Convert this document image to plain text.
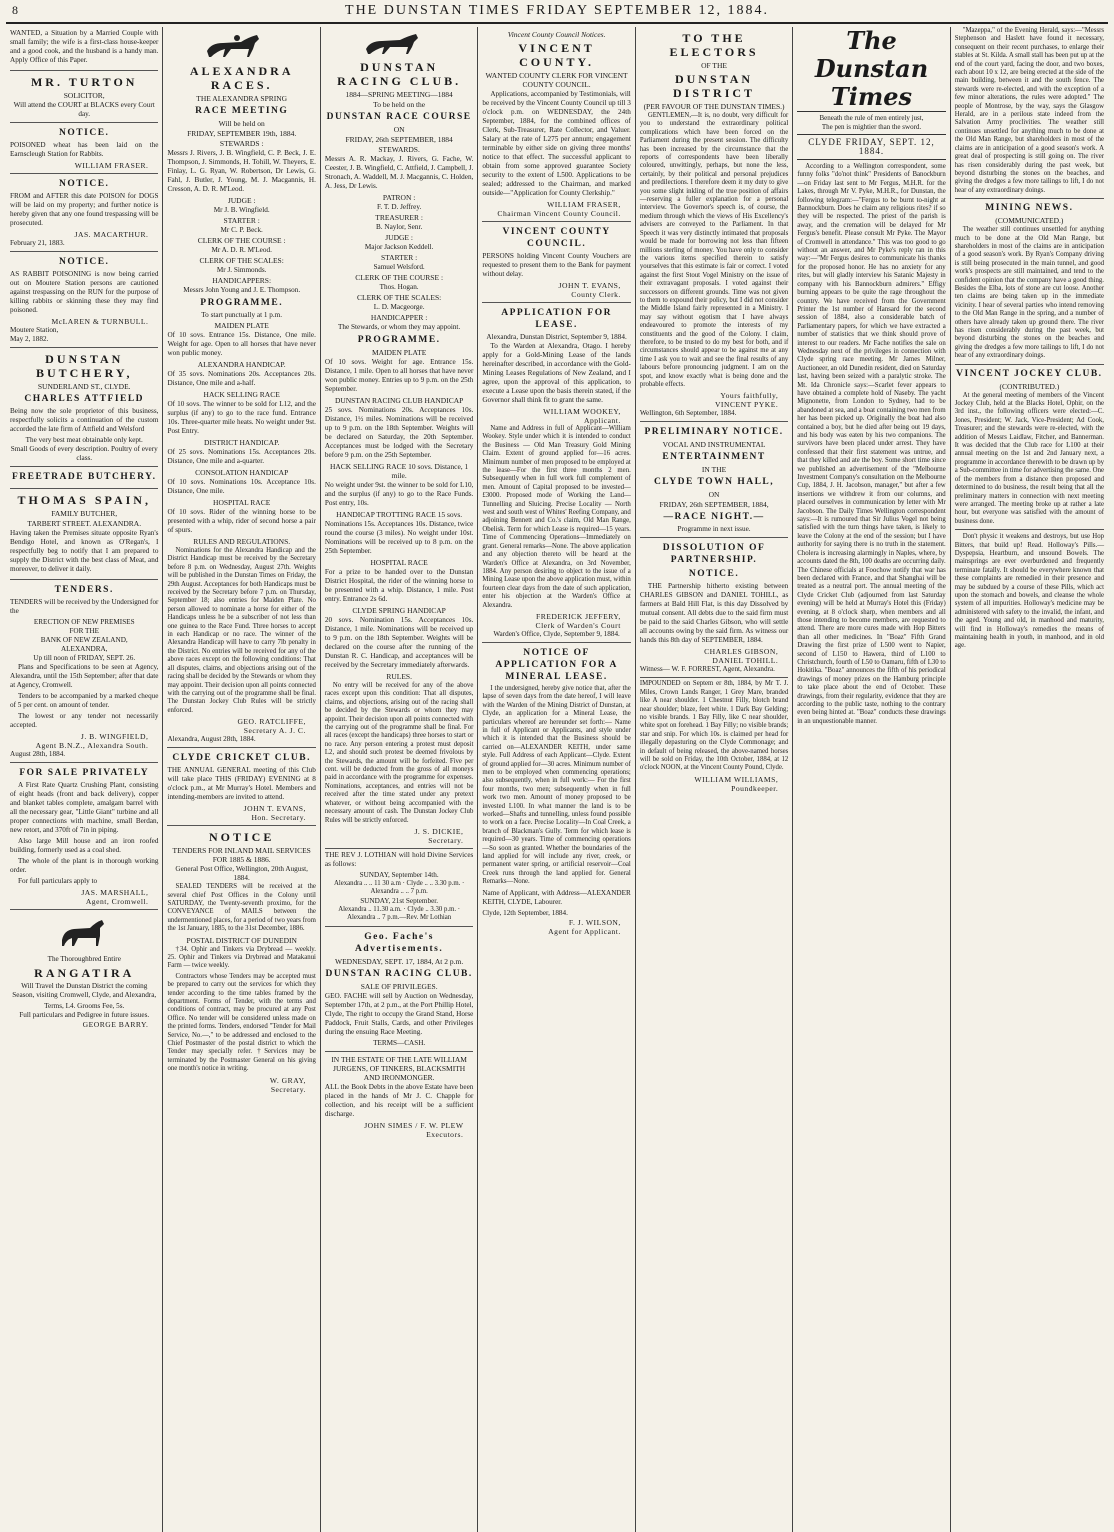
8	THE DUNSTAN TIMES FRIDAY SEPTEMBER 12, 1884.

WANTED, a Situation by a Married Couple with small family; the wife is a first-class house-keeper and a good cook, and the husband is a handy man. Apply Office of this Paper.

MR. TURTON
SOLICITOR,
Will attend the COURT at BLACKS every Court day.
NOTICE.

POISONED wheat has been laid on the Earnscleugh Station for Rabbits.

WILLIAM FRASER.
NOTICE.

FROM and AFTER this date POISON for DOGS will be laid on my property; and further notice is hereby given that any one found trespassing will be prosecuted.

JAS. MACARTHUR.
February 21, 1883.
NOTICE.

AS RABBIT POISONING is now being carried out on Moutere Station persons are cautioned against trespassing on the RUN for the purpose of killing rabbits or skinning these they may find poisoned.

McLAREN & TURNBULL.
Moutere Station,
May 2, 1882.
DUNSTAN BUTCHERY,
SUNDERLAND ST., CLYDE.
CHARLES ATTFIELD

Being now the sole proprietor of this business, respectfully solicits a continuation of the custom accorded the late firm of Attfield and Welsford

The very best meat obtainable only kept.
Small Goods of every description. Poultry of every class.
FREETRADE BUTCHERY.
THOMAS SPAIN,
FAMILY BUTCHER,
TARBERT STREET. ALEXANDRA.

Having taken the Premises situate opposite Ryan's Bendigo Hotel, and known as O'Regan's, I respectfully beg to notify that I am prepared to supply the District with the best class of Meat, and moreover, to deliver it daily.

TENDERS.

TENDERS will be received by the Undersigned for the

ERECTION OF NEW PREMISES
FOR THE
BANK OF NEW ZEALAND,
ALEXANDRA,
Up till noon of FRIDAY, SEPT. 26.

Plans and Specifications to be seen at Agency, Alexandra, until the 15th September; after that date at Agency, Cromwell.

Tenders to be accompanied by a marked cheque of 5 per cent. on amount of tender.

The lowest or any tender not necessarily accepted.

J. B. WINGFIELD,
Agent B.N.Z., Alexandra South.
August 28th, 1884.
FOR SALE PRIVATELY

A First Rate Quartz Crushing Plant, consisting of eight heads (front and back delivery), copper and blanket tables complete, amalgam barrel with all the necessary gear, "Little Giant" turbine and all proper connections with machine, small Berdan, new retort, and 370ft of 7in in piping.

Also large Mill house and an iron roofed building, formerly used as a coal shed.

The whole of the plant is in thorough working order.

For full particulars apply to

JAS. MARSHALL,
Agent, Cromwell.
The Thoroughbred Entire
RANGATIRA

Will Travel the Dunstan District the coming Season, visiting Cromwell, Clyde, and Alexandra,

Terms, L4. Grooms Fee, 5s.
Full particulars and Pedigree in future issues.
GEORGE BARRY.
ALEXANDRA RACES.
THE ALEXANDRA SPRING
RACE MEETING
Will be held on
FRIDAY, SEPTEMBER 19th, 1884.
STEWARDS :

Messrs J. Rivers, J. B. Wingfield, C. P. Beck, J. E. Thompson, J. Simmonds, H. Tohill, W. Theyers, E. Finlay, L. G. Ryan, W. Robertson, Dr Lewis, G. Fahl, J. Butler, J. Young, M. J. Macgannis, H. Cresson, A. D. R. M'Leod.

JUDGE :
Mr J. B. Wingfield.
STARTER :
Mr C. P. Beck.
CLERK OF THE COURSE :
Mr A. D. R. M'Leod.
CLERK OF THE SCALES:
Mr J. Simmonds.
HANDICAPPERS:
Messrs John Young and J. E. Thompson.
PROGRAMME.
To start punctually at 1 p.m.
MAIDEN PLATE

Of 10 sovs. Entrance 15s. Distance, One mile. Weight for age. Open to all horses that have never won public money.

ALEXANDRA HANDICAP.

Of 35 sovs. Nominations 20s. Acceptances 20s. Distance, One mile and a-half.

HACK SELLING RACE

Of 10 sovs. The winner to be sold for L12, and the surplus (if any) to go to the race fund. Entrance 10s. Three-quarter mile heats. No weight under 9st. Post Entry.

DISTRICT HANDICAP.

Of 25 sovs. Nominations 15s. Acceptances 20s. Distance, One mile and a-quarter.

CONSOLATION HANDICAP

Of 10 sovs. Nominations 10s. Acceptance 10s. Distance, One mile.

HOSPITAL RACE

Of 10 sovs. Rider of the winning horse to be presented with a whip, rider of second horse a pair of spurs.

RULES AND REGULATIONS.

Nominations for the Alexandra Handicap and the District Handicap must be received by the Secretary before 8 p.m. on Wednesday, August 27th. Weights will be published in the Dunstan Times on Friday, the 29th August. Acceptances for both Handicaps must be received by the Secretary before 7 p.m. on Thursday, September 18; also entries for Maiden Plate. No person allowed to nominate a horse for either of the Handicaps unless he be a subscriber of not less than one guinea to the Race Fund. Three horses to accept in each Handicap or no race. The winner of the Alexandra Handicap will have to carry 7lb penalty in the District. No entries will be received for any of the above races except on the following conditions: That all disputes, claims, and objections arising out of the racing shall be decided by the Stewards or whom they may appoint. Their decision upon all points connected with the carrying out of the programme shall be final. The Dunstan Jockey Club Rules will be strictly enforced.

GEO. RATCLIFFE,
Secretary A. J. C.
Alexandra, August 28th, 1884.
CLYDE CRICKET CLUB.

THE ANNUAL GENERAL meeting of this Club will take place THIS (FRIDAY) EVENING at 8 o'clock p.m., at Mr Murray's Hotel. Members and intending-members are invited to attend.

JOHN T. EVANS,
Hon. Secretary.
NOTICE
TENDERS FOR INLAND MAIL SERVICES FOR 1885 & 1886.
General Post Office, Wellington, 20th August, 1884.

SEALED TENDERS will be received at the several chief Post Offices in the Colony until SATURDAY, the Twenty-seventh proximo, for the CONVEYANCE of MAILS between the undermentioned places, for a period of two years from the 1st January, 1885, to the 31st December, 1886.

POSTAL DISTRICT OF DUNEDIN

†34. Ophir and Tinkers via Drybread — weekly. 25. Ophir and Tinkers via Drybread and Matakanui Farm — twice weekly.

Contractors whose Tenders may be accepted must be prepared to carry out the services for which they tender according to the time tables framed by the department. Forms of Tender, with the terms and conditions of contract, may be procured at any Post Office. No tender will be considered unless made on the printed forms. Tenders, endorsed "Tender for Mail Service, No.—," to be addressed and enclosed to the Chief Postmaster of the postal district to which the Tender may specially refer. †Services may be terminated by the Postmaster General on his giving one month's notice in writing.

W. GRAY,
Secretary.
DUNSTAN RACING CLUB.
1884—SPRING MEETING—1884
To be held on the
DUNSTAN RACE COURSE
ON
FRIDAY, 26th SEPTEMBER, 1884
STEWARDS.

Messrs A. R. Mackay, J. Rivers, G. Fache, W. Ceester, J. B. Wingfield, C. Attfield, J. Campbell, J. Stronach, A. Waddell, M. J. Macgannis, C. Holden, A. Jess, Dr Lewis.

PATRON :
F. T. D. Jeffrey.
TREASURER :
B. Naylor, Senr.
JUDGE :
Major Jackson Keddell.
STARTER :
Samuel Welsford.
CLERK OF THE COURSE :
Thos. Hogan.
CLERK OF THE SCALES:
L. D. Macgeorge.
HANDICAPPER :
The Stewards, or whom they may appoint.
PROGRAMME.
MAIDEN PLATE

Of 10 sovs. Weight for age. Entrance 15s. Distance, 1 mile. Open to all horses that have never won public money. Entries up to 9 p.m. on the 25th September.

DUNSTAN RACING CLUB HANDICAP

25 sovs. Nominations 20s. Acceptances 10s. Distance, 1½ miles. Nominations will be received up to 9 p.m. on the 18th September. Weights will be declared on Saturday, the 20th September. Acceptances must be lodged with the Secretary before 9 p.m. on the 25th September.

HACK SELLING RACE 10 sovs. Distance, 1 mile.

No weight under 9st. the winner to be sold for L10, and the surplus (if any) to go to the Race Funds. Post entry, 10s.

HANDICAP TROTTING RACE 15 sovs.

Nominations 15s. Acceptances 10s. Distance, twice round the course (3 miles). No weight under 10st. Nominations will be received up to 8 p.m. on the 25th September.

HOSPITAL RACE

For a prize to be handed over to the Dunstan District Hospital, the rider of the winning horse to be presented with a whip. Distance, 1 mile. Post entry. Entrance 2s 6d.

CLYDE SPRING HANDICAP

20 sovs. Nomination 15s. Acceptances 10s. Distance, 1 mile. Nominations will be received up to 9 p.m. on the 18th September. Weights will be declared on the course after the running of the Dunstan R. C. Handicap, and acceptances will be received by the Secretary immediately afterwards.

RULES.

No entry will be received for any of the above races except upon this condition: That all disputes, claims, and objections, arising out of the racing shall be decided by the Stewards or whom they may appoint. Their decision upon all points connected with the carrying out of the programme shall be final. For all races (except the handicaps) three horses to start or no race. Any person entering a protest must deposit L2, and should such protest be deemed frivolous by the Stewards, the amount will be forfeited. Five per cent. will be deducted from the gross of all moneys paid in accordance with the programme for expenses. Nominations, acceptances, and entries will not be received after the time stated under any pretext whatever, or without being accompanied with the necessary amount of cash. The Dunstan Jockey Club Rules will be strictly enforced.

J. S. DICKIE,
Secretary.

THE REV J. LOTHIAN will hold Divine Services as follows:

SUNDAY, September 14th.
Alexandra .. .. 11 30 a.m · Clyde .. .. 3.30 p.m. · Alexandra .. .. 7 p.m.
SUNDAY, 21st September.
Alexandra .. 11.30 a.m. · Clyde .. 3.30 p.m. · Alexandra .. 7 p.m.—Rev. Mr Lothian
Geo. Fache's Advertisements.
WEDNESDAY, SEPT. 17, 1884, At 2 p.m.
DUNSTAN RACING CLUB.
SALE OF PRIVILEGES.

GEO. FACHE will sell by Auction on Wednesday, September 17th, at 2 p.m., at the Port Phillip Hotel, Clyde, The right to occupy the Grand Stand, Horse Paddock, Fruit Stalls, Cards, and other Privileges during the ensuing Race Meeting.

TERMS—CASH.
IN THE ESTATE OF THE LATE WILLIAM JURGENS, OF TINKERS, BLACKSMITH AND IRONMONGER.

ALL the Book Debts in the above Estate have been placed in the hands of Mr J. C. Chapple for collection, and his receipt will be a sufficient discharge.

JOHN SIMES / F. W. PLEW Executors.
Vincent County Council Notices.
VINCENT COUNTY.
WANTED COUNTY CLERK FOR VINCENT COUNTY COUNCIL.

Applications, accompanied by Testimonials, will be received by the Vincent County Council up till 3 o'clock p.m. on WEDNESDAY, the 24th September, 1884, for the combined offices of Clerk, Sub-Treasurer, Rate Collector, and Valuer. Salary at the rate of L275 per annum; engagement terminable by either side on giving three months' notice to that effect. The successful applicant to obtain from some approved guarantee Society security to the extent of L500. Applications to be sealed; addressed to the Chairman, and marked outside—"Application for County Clerkship."

WILLIAM FRASER,
Chairman Vincent County Council.
VINCENT COUNTY COUNCIL.

PERSONS holding Vincent County Vouchers are requested to present them to the Bank for payment without delay.

JOHN T. EVANS,
County Clerk.
APPLICATION FOR LEASE.
Alexandra, Dunstan District, September 9, 1884.

To the Warden at Alexandra, Otago. I hereby apply for a Gold-Mining Lease of the lands hereinafter described, in accordance with the Gold-Mining Leases Regulations of New Zealand, and I agree, upon the approval of this application, to execute a Lease upon the basis therein stated, if the Governor shall think fit to grant the same.

WILLIAM WOOKEY,
Applicant.

Name and Address in full of Applicant—William Wookey. Style under which it is intended to conduct the Business — Old Man Treasury Gold Mining Claim. Extent of ground applied for—16 acres. Minimum number of men proposed to be employed at the lease—For the first three months 2 men. Subsequently when in full work full complement of men. Amount of Capital proposed to be invested—£3000. Proposed mode of Working the Land—Tunnelling and Sluicing. Precise Locality — North west and south west of Whites' Reefing Company, and adjoining Bennett and Co.'s claim, Old Man Range, Obelisk. Term for which Lease is required—15 years. Time of Commencing Operations—Immediately on grant. General remarks—None. The above application and any objection thereto will be heard at the Warden's Office at Alexandra, on 3rd November, 1884. Any person desiring to object to the issue of a Mining Lease upon the above application must, within fourteen clear days from the date of such application, enter his objection at the Warden's Office at Alexandra.

FREDERICK JEFFERY,
Clerk of Warden's Court
Warden's Office, Clyde, September 9, 1884.
NOTICE OF APPLICATION FOR A MINERAL LEASE.

I the undersigned, hereby give notice that, after the lapse of seven days from the date hereof, I will leave with the Warden of the Mining District of Dunstan, at Clyde, an application for a Mineral Lease, the particulars whereof are hereunder set forth:— Name in full of Applicant or Applicants, and style under which it is intended that the Business should be carried on—ALEXANDER KEITH, under same style. Full Address of each Applicant—Clyde. Extent of ground applied for—30 acres. Minimum number of men to be employed when commencing operations; also subsequently, when in full work:— For the first four months, two men; subsequently when in full work two men. Amount of money proposed to be invested L100. In what manner the land is to be worked—Shafts and tunnelling, unless found possible to work on a face. Precise Locality—In Coal Creek, a branch of Blackman's Gully. Term for which lease is required—30 years. Time of commencing operations—So soon as granted. Whether the boundaries of the land applied for will include any river, creek, or permanent water spring, or artificial reservoir—Coal Creek runs through the land applied for. General Remarks—None.

Name of Applicant, with Address—ALEXANDER KEITH, CLYDE, Labourer.

Clyde, 12th September, 1884.
F. J. WILSON,
Agent for Applicant.
TO THE ELECTORS
OF THE
DUNSTAN DISTRICT
(PER FAVOUR OF THE DUNSTAN TIMES.)

GENTLEMEN,—It is, no doubt, very difficult for you to understand the extraordinary political complications which have been forced on the Parliament during the present session. The difficulty has been increased by the circumstance that the reports of correspondents have been liberally coloured, unwittingly, perhaps, but none the less, certainly, by their political and personal prejudices and predilections. I therefore deem it my duty to give you some slight inkling of the true position of affairs—reserving a fuller explanation for a personal interview. The Governor's speech is, of course, the medium through which the views of His Excellency's advisers are conveyed to the Parliament. In that Speech it was very distinctly intimated that proposals would be made for borrowing not less than fifteen millions sterling of money. You have only to consider the various items specified therein to satisfy yourselves that this estimate is fair or correct. I voted against the first Stout Vogel Ministry on the issue of their extravagant proposals. I voted against their successors on different grounds. Time was not given to them to expound their policy, but I did not consider the Middle Island fairly represented in a Ministry. I may say without egotism that I have always endeavoured to promote the interests of my constituents and the good of the Colony. I claim, therefore, to be trusted to do my best for both, and if circumstances should appear to be against me at any time I ask you to wait and see the final results of any labours before pronouncing judgment. I am on the spot, and know exactly what is being done and the probable effects.

Yours faithfully,
VINCENT PYKE.
Wellington, 6th September, 1884.
PRELIMINARY NOTICE.
VOCAL AND INSTRUMENTAL
ENTERTAINMENT
IN THE
CLYDE TOWN HALL,
ON
FRIDAY, 26th SEPTEMBER, 1884,
—RACE NIGHT.—
Programme in next issue.
DISSOLUTION OF PARTNERSHIP.
NOTICE.

THE Partnership hitherto existing between CHARLES GIBSON and DANIEL TOHILL, as farmers at Bald Hill Flat, is this day Dissolved by mutual consent. All debts due to the said firm must be paid to the said Charles Gibson, who will settle all accounts owing by the said firm. As witness our hands this 8th day of SEPTEMBER, 1884.

CHARLES GIBSON,
DANIEL TOHILL.
Witness— W. F. FORREST, Agent, Alexandra.

IMPOUNDED on Septem er 8th, 1884, by Mr T. J. Miles, Crown Lands Ranger, 1 Grey Mare, branded like A near shoulder. 1 Chestnut Filly, blotch brand near shoulder; blaze, feet white. 1 Dark Bay Gelding; no visible brands. 1 Bay Filly, like C near shoulder, white spot on forehead. 1 Bay Filly; no visible brands; star and snip. For which 10s. is claimed per head for illegally depasturing on the Clyde Commonage; and in default of being released, the above-named horses will be sold on Friday, the 10th October, 1884, at 12 o'clock NOON, at the Vincent County Pound, Clyde.

WILLIAM WILLIAMS,
Poundkeeper.
The Dunstan Times
Beneath the rule of men entirely just,
The pen is mightier than the sword.
CLYDE FRIDAY, SEPT. 12, 1884.

According to a Wellington correspondent, some funny folks "do'not think" Presidents of Banockburn—on Friday last sent to Mr Fergus, M.H.R. for the Lakes, through Mr V. Pyke, M.H.R., for Dunstan, the following telegram:—"Fergus to be burnt to-night at Bannockburn. Does he claim any religious rites? if so they will be respected. The priest of the parish is away, and the cremation will be delayed for Mr Fergus's benefit. Please consult Mr Pyke. The Mayor of Cromwell in attendance." This was too good to go without an answer, and Mr Pyke's reply ran in this way:—"Mr Fergus desires to communicate his thanks for the proposed honor. He has no anxiety for any rites, but will gladly interview his Satanic Majesty in company with his Bannockburn admirers." Effigy burning appears to be quite the rage throughout the country. We have received from the Government Printer the 1st number of Hansard for the second session of 1884, also a considerable batch of Parliamentary papers, for which we have extracted a number of statistics that we think should prove of interest to our readers. Mr Fache notifies the sale on Wednesday next of the privileges in connection with Clyde spring race meeting. Mr James Milner, Auctioneer, an old Dunedin resident, died on Saturday last, having been seized with a paralytic stroke. The Mt. Ida Chronicle says:—Scarlet fever appears to have obtained a complete hold of Naseby. The yacht Mignonette, from London to Sydney, had to be abandoned at sea, and a boat containing two men from her has been picked up. Originally the boat had also contained a boy, but he died after being out 19 days, and his body was eaten by his two companions. The survivors have been placed under arrest. They have confessed that their first statement was untrue, and that they killed and ate the boy. Some short time since we published an advertisement of the "Melbourne Investment Company's consultation on the Melbourne Cup, 1884, J. H. Jacobson, manager," but after a few insertions we withdrew it from our columns, and placed ourselves in communication by letter with Mr Jacobson. The Daily Times Wellington correspondent says:—It is rumoured that Sir Julius Vogel not being satisfied with the turn things have taken, is likely to leave the Colony at the end of the session; but I have authority for saying there is no truth in the statement. Cholera is increasing alarmingly in Naples, where, by accounts dated the 8th, 100 deaths are occurring daily. The Chinese officials at Foochow notify that war has been declared with France, and that Shanghai will be treated as a neutral port. The annual meeting of the Clyde Cricket Club (adjourned from last Saturday evening) will be held at Murray's Hotel this (Friday) evening, at 8 o'clock sharp, when members and all those intending to become members, are requested to attend. There are more cures made with Hop Bitters than all other medicines. In "Boaz" Fifth Grand Drawing the first prize of L500 went to Napier, second of L150 to Hawera, third of L100 to Christchurch, fourth of L50 to Oamaru, fifth of L30 to Hokitika. "Boaz" announces the fifth of his periodical drawings of money prizes on the Hamburg principle to take place about the end of October. These drawings, from their regularity, evidence that they are according to the public taste, nothing to the contrary even being hinted at. "Boaz" conducts these drawings in an unquestionable manner.

"Mazeppa," of the Evening Herald, says:—"Messrs Stephenson and Haslett have found it necessary, consequent on their recent purchases, to enlarge their stables at St. Kilda. A small stall has been put up at the end of the court yard, facing the door, and two boxes, each about 10 x 12, are being erected at the side of the main building, between it and the south fence. The stewards were re-elected, and with the exception of a few minor alterations, the rules were adopted." The people of Montrose, by the way, says the Glasgow Herald, are in a perilous state indeed from the Salvation Army proclivities. The weather still continues unsettled for anything much to be done at the Old Man Range, but shareholders in most of the claims are in anticipation of a good season's work. A great deal of prospecting is still going on. The river has risen considerably during the past week, but beyond disturbing the stones on the beaches, and giving the dredges a few more tailings to lift, I do not hear of any extraordinary doings.

MINING NEWS.
(COMMUNICATED.)

The weather still continues unsettled for anything much to be done at the Old Man Range, but shareholders in most of the claims are in anticipation of a good season's work. By Ryan's Company driving is still being prosecuted in the main tunnel, and good work's prospects are still maintained, and tend to the confident opinion that the company have a good thing. Besides the Elba, lots of stone are cut loose. Another ten claims are being taken up in the immediate vicinity. I hear of several parties who intend removing to the Old Man Range in the spring, and a number of others have already taken up ground there. The river has risen considerably during the past week, but beyond disturbing the stones on the beaches and giving the dredges a few more tailings to lift, I do not hear of any extraordinary doings.

VINCENT JOCKEY CLUB.
(CONTRIBUTED.)

At the general meeting of members of the Vincent Jockey Club, held at the Blacks Hotel, Ophir, on the 3rd inst., the following officers were elected:—C. Jones, President; W. Jack, Vice-President; Ad Cook, Treasurer; and the stewards were re-elected, with the addition of Messrs Laidlaw, Fitcher, and Bannerman. It was decided that the Club race for L100 at their annual meeting on the 1st and 2nd January next, a programme in accordance therewith to be drawn up by a Sub-committee in time for advertising the same. One of the members from a distance then proposed and determined to do business, the result being that all the preliminary matters in connection with next meeting were arranged. The meeting broke up at rather a late hour, but everyone was satisfied with the amount of business done.

Don't physic it weakens and destroys, but use Hop Bitters, that build up! Read. Holloway's Pills.—Dyspepsia, Heartburn, and unsound Bowels. The mainsprings are ever overburdened and frequently terminate fatally. It should be everywhere known that these complaints are remedied in their presence and may be subdued by a course of these Pills, which act upon the stomach and bowels, and cleanse the whole system of all impurities. Holloway's medicine may be administered with safety to the invalid, the infant, and the aged. Young and old, in manhood and maturity, will find in Holloway's remedies the means of maintaining health in youth, in manhood, and in old age.
